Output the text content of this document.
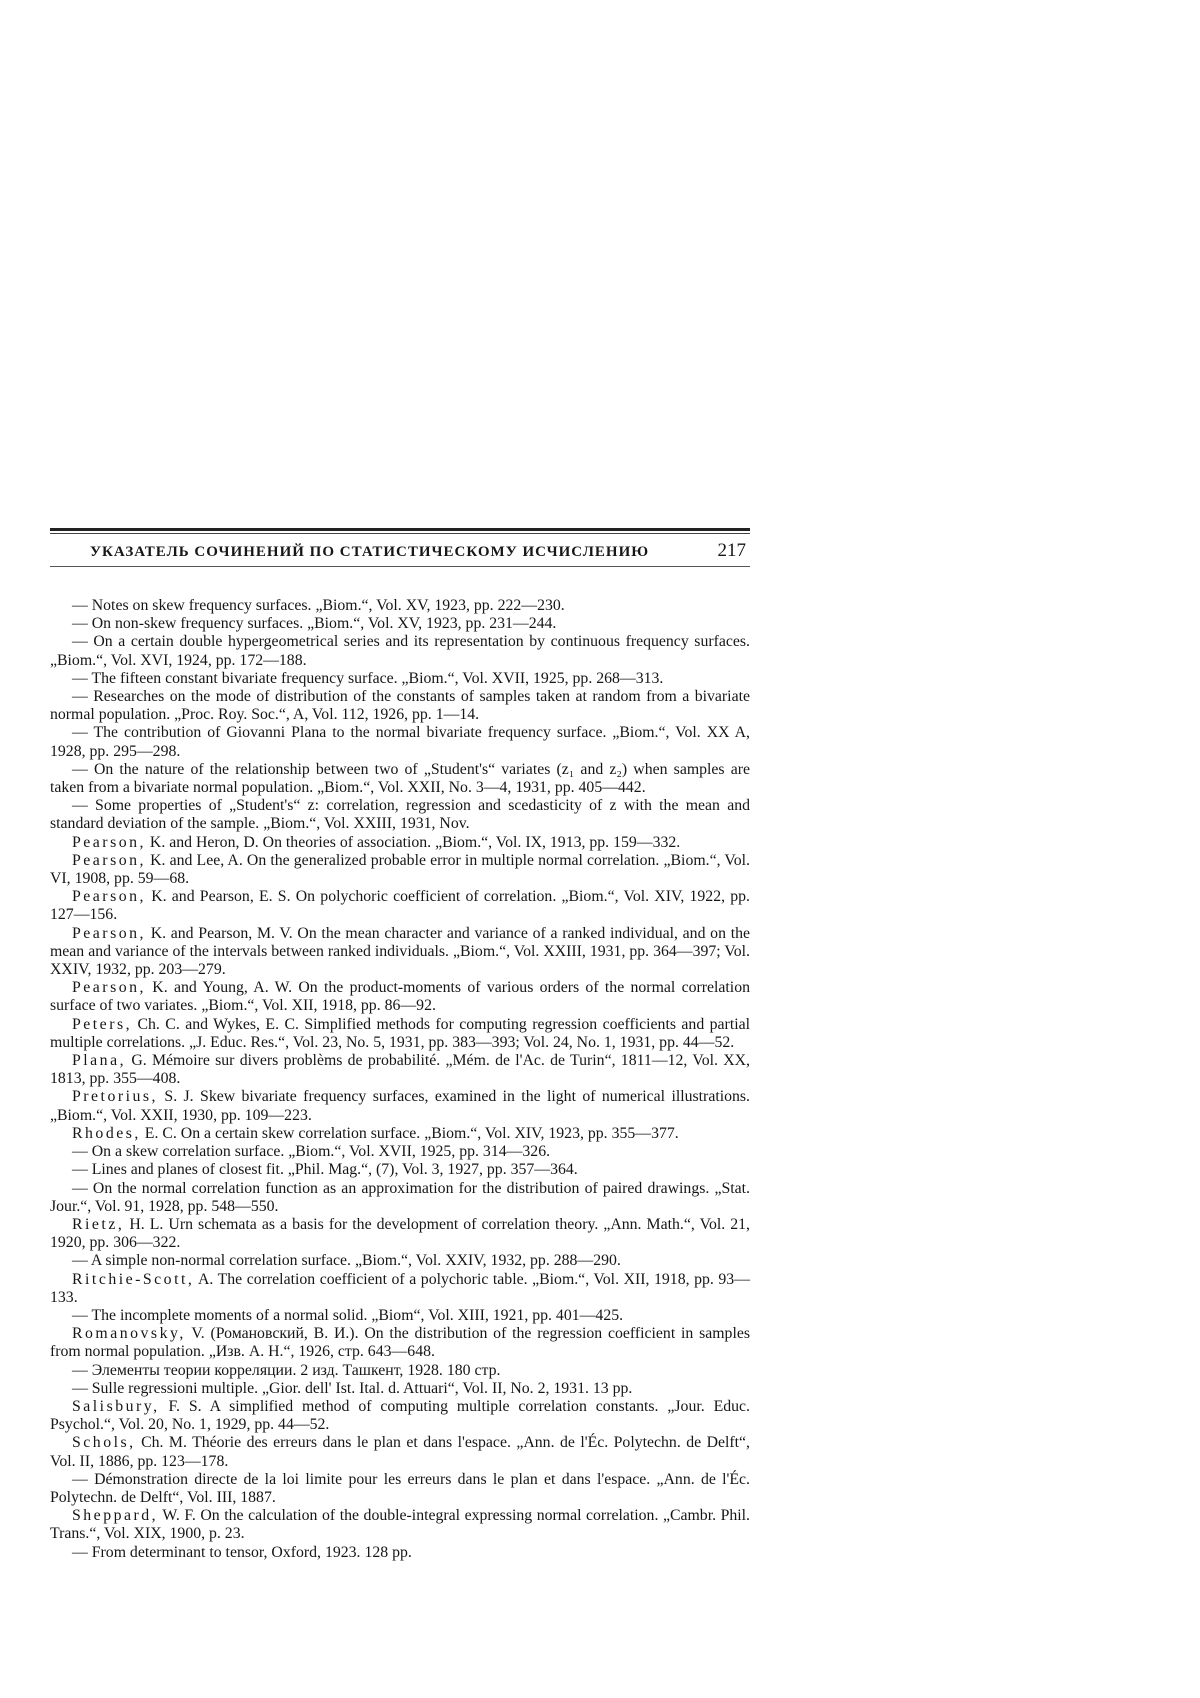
УКАЗАТЕЛЬ СОЧИНЕНИЙ ПО СТАТИСТИЧЕСКОМУ ИСЧИСЛЕНИЮ	217

— Notes on skew frequency surfaces. „Biom.“, Vol. XV, 1923, pp. 222—230.

— On non-skew frequency surfaces. „Biom.“, Vol. XV, 1923, pp. 231—244.

— On a certain double hypergeometrical series and its representation by continuous frequency surfaces. „Biom.“, Vol. XVI, 1924, pp. 172—188.

— The fifteen constant bivariate frequency surface. „Biom.“, Vol. XVII, 1925, pp. 268—313.

— Researches on the mode of distribution of the constants of samples taken at random from a bivariate normal population. „Proc. Roy. Soc.“, A, Vol. 112, 1926, pp. 1—14.

— The contribution of Giovanni Plana to the normal bivariate frequency surface. „Biom.“, Vol. XX A, 1928, pp. 295—298.

— On the nature of the relationship between two of „Student's“ variates (z₁ and z₂) when samples are taken from a bivariate normal population. „Biom.“, Vol. XXII, No. 3—4, 1931, pp. 405—442.

— Some properties of „Student's“ z: correlation, regression and scedasticity of z with the mean and standard deviation of the sample. „Biom.“, Vol. XXIII, 1931, Nov.

Pearson, K. and Heron, D. On theories of association. „Biom.“, Vol. IX, 1913, pp. 159—332.

Pearson, K. and Lee, A. On the generalized probable error in multiple normal correlation. „Biom.“, Vol. VI, 1908, pp. 59—68.

Pearson, K. and Pearson, E. S. On polychoric coefficient of correlation. „Biom.“, Vol. XIV, 1922, pp. 127—156.

Pearson, K. and Pearson, M. V. On the mean character and variance of a ranked individual, and on the mean and variance of the intervals between ranked individuals. „Biom.“, Vol. XXIII, 1931, pp. 364—397; Vol. XXIV, 1932, pp. 203—279.

Pearson, K. and Young, A. W. On the product-moments of various orders of the normal correlation surface of two variates. „Biom.“, Vol. XII, 1918, pp. 86—92.

Peters, Ch. C. and Wykes, E. C. Simplified methods for computing regression coefficients and partial multiple correlations. „J. Educ. Res.“, Vol. 23, No. 5, 1931, pp. 383—393; Vol. 24, No. 1, 1931, pp. 44—52.

Plana, G. Mémoire sur divers problèms de probabilité. „Mém. de l'Ac. de Turin“, 1811—12, Vol. XX, 1813, pp. 355—408.

Pretorius, S. J. Skew bivariate frequency surfaces, examined in the light of numerical illustrations. „Biom.“, Vol. XXII, 1930, pp. 109—223.

Rhodes, E. C. On a certain skew correlation surface. „Biom.“, Vol. XIV, 1923, pp. 355—377.

— On a skew correlation surface. „Biom.“, Vol. XVII, 1925, pp. 314—326.

— Lines and planes of closest fit. „Phil. Mag.“, (7), Vol. 3, 1927, pp. 357—364.

— On the normal correlation function as an approximation for the distribution of paired drawings. „Stat. Jour.“, Vol. 91, 1928, pp. 548—550.

Rietz, H. L. Urn schemata as a basis for the development of correlation theory. „Ann. Math.“, Vol. 21, 1920, pp. 306—322.

— A simple non-normal correlation surface. „Biom.“, Vol. XXIV, 1932, pp. 288—290.

Ritchie-Scott, A. The correlation coefficient of a polychoric table. „Biom.“, Vol. XII, 1918, pp. 93—133.

— The incomplete moments of a normal solid. „Biom“, Vol. XIII, 1921, pp. 401—425.

Romanovsky, V. (Романовский, В. И.). On the distribution of the regression coefficient in samples from normal population. „Изв. А. Н.“, 1926, стр. 643—648.

— Элементы теории корреляции. 2 изд. Ташкент, 1928. 180 стр.

— Sulle regressioni multiple. „Gior. dell' Ist. Ital. d. Attuari“, Vol. II, No. 2, 1931. 13 pp.

Salisbury, F. S. A simplified method of computing multiple correlation constants. „Jour. Educ. Psychol.“, Vol. 20, No. 1, 1929, pp. 44—52.

Schols, Ch. M. Théorie des erreurs dans le plan et dans l'espace. „Ann. de l'Éc. Polytechn. de Delft“, Vol. II, 1886, pp. 123—178.

— Démonstration directe de la loi limite pour les erreurs dans le plan et dans l'espace. „Ann. de l'Éc. Polytechn. de Delft“, Vol. III, 1887.

Sheppard, W. F. On the calculation of the double-integral expressing normal correlation. „Cambr. Phil. Trans.“, Vol. XIX, 1900, p. 23.

— From determinant to tensor, Oxford, 1923. 128 pp.
